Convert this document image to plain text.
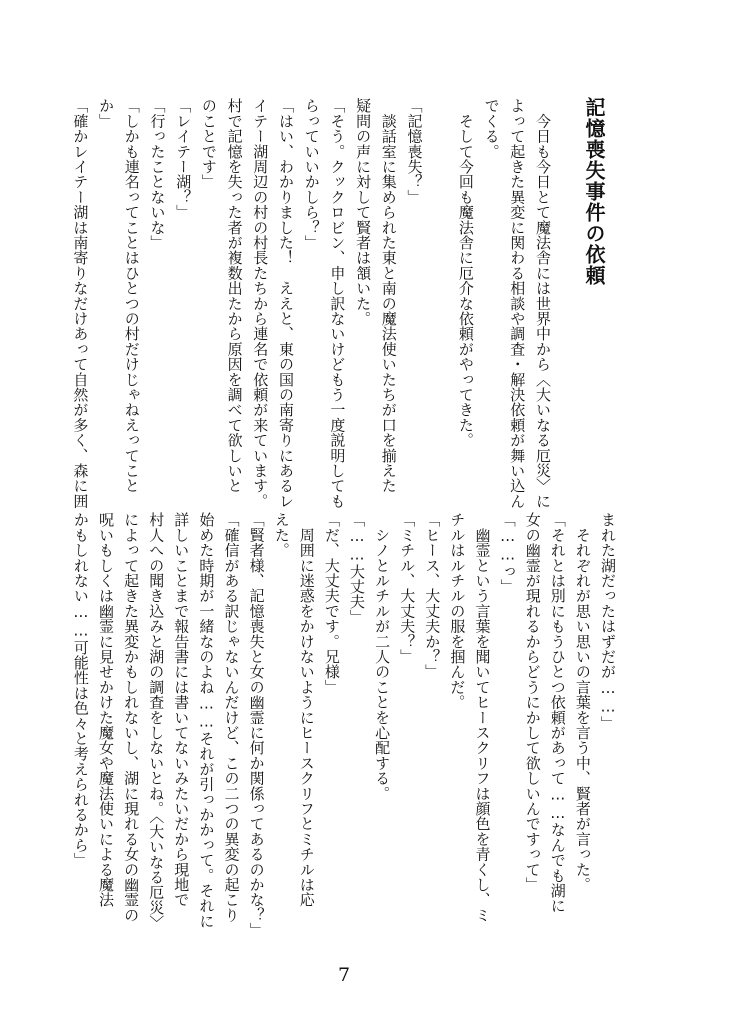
記憶喪失事件の依頼
　今日も今日とて魔法舎には世界中から〈大いなる厄災〉に
よって起きた異変に関わる相談や調査・解決依頼が舞い込ん
でくる。
　そして今回も魔法舎に厄介な依頼がやってきた。
「記憶喪失？」
　談話室に集められた東と南の魔法使いたちが口を揃えた
疑問の声に対して賢者は頷いた。
「そう。クックロビン、申し訳ないけどもう一度説明しても
らっていいかしら？」
「はい、わかりました！　ええと、東の国の南寄りにあるレ
イテー湖周辺の村の村長たちから連名で依頼が来ています。
村で記憶を失った者が複数出たから原因を調べて欲しいと
のことです」
「レイテー湖？」
「行ったことないな」
「しかも連名ってことはひとつの村だけじゃねえってこと
か」
「確かレイテー湖は南寄りなだけあって自然が多く、森に囲
まれた湖だったはずだが……」
　それぞれが思い思いの言葉を言う中、賢者が言った。
「それとは別にもうひとつ依頼があって……なんでも湖に
女の幽霊が現れるからどうにかして欲しいんですって」
「……っ」
　幽霊という言葉を聞いてヒースクリフは顔色を青くし、ミ
チルはルチルの服を掴んだ。
「ヒース、大丈夫か？」
「ミチル、大丈夫？」
　シノとルチルが二人のことを心配する。
「……大丈夫」
「だ、大丈夫です。兄様」
　周囲に迷惑をかけないようにヒースクリフとミチルは応
えた。
「賢者様、記憶喪失と女の幽霊に何か関係ってあるのかな？」
「確信がある訳じゃないんだけど、この二つの異変の起こり
始めた時期が一緒なのよね……それが引っかかって。それに
詳しいことまで報告書には書いてないみたいだから現地で
村人への聞き込みと湖の調査をしないとね。〈大いなる厄災〉
によって起きた異変かもしれないし、湖に現れる女の幽霊の
呪いもしくは幽霊に見せかけた魔女や魔法使いによる魔法
かもしれない……可能性は色々と考えられるから」
7
